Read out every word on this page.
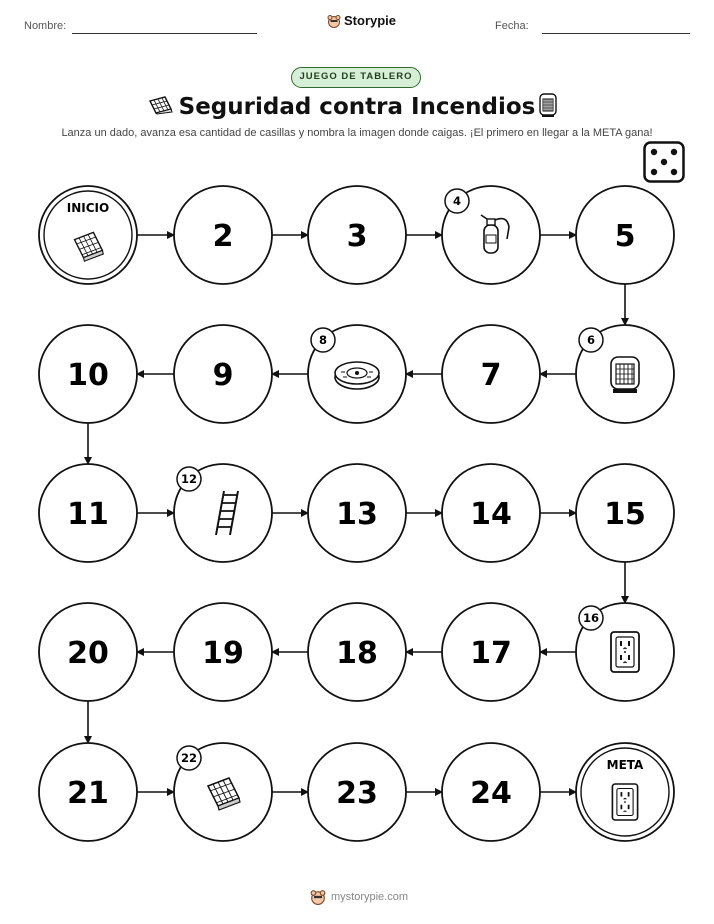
Nombre:	Storypie	Fecha:
JUEGO DE TABLERO
Seguridad contra Incendios
Lanza un dado, avanza esa cantidad de casillas y nombra la imagen donde caigas. ¡El primero en llegar a la META gana!
INICIO
2	3
4
5
6
7
8
9
10
11
12
13	14	15
16
17
18
19
20
21
22
23	24
META
mystorypie.com
